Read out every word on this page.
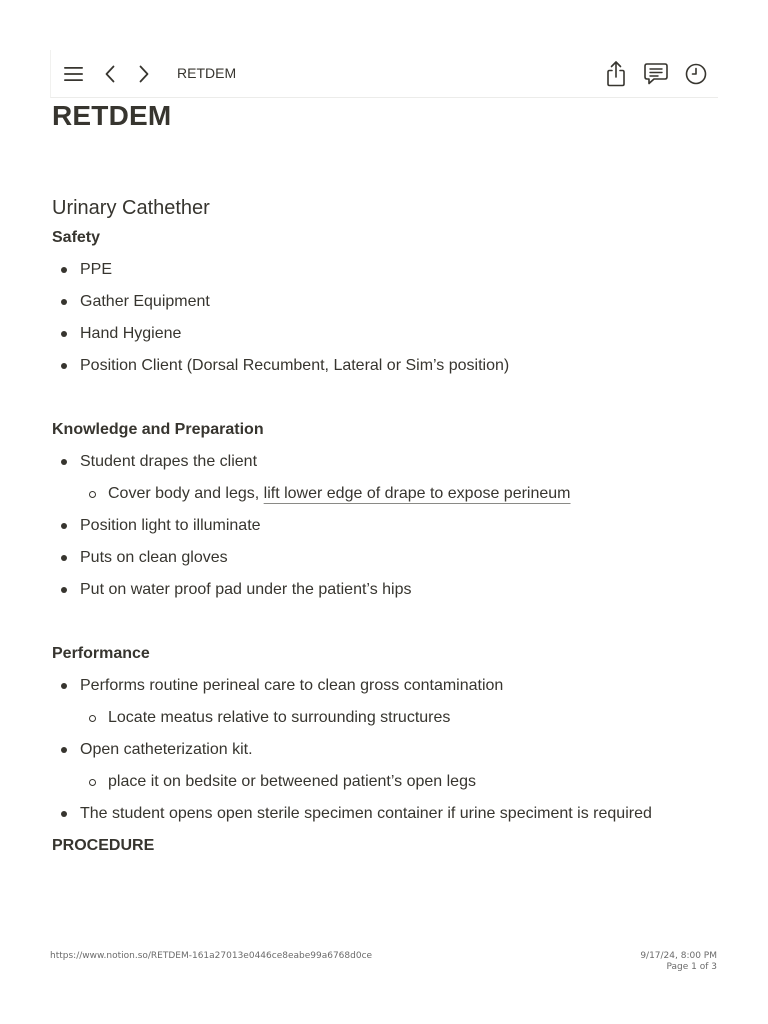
RETDEM
RETDEM
Urinary Cathether
Safety
PPE
Gather Equipment
Hand Hygiene
Position Client (Dorsal Recumbent, Lateral or Sim’s position)
Knowledge and Preparation
Student drapes the client
Cover body and legs, lift lower edge of drape to expose perineum
Position light to illuminate
Puts on clean gloves
Put on water proof pad under the patient’s hips
Performance
Performs routine perineal care to clean gross contamination
Locate meatus relative to surrounding structures
Open catheterization kit.
place it on bedsite or betweened patient’s open legs
The student opens open sterile specimen container if urine speciment is required
PROCEDURE
https://www.notion.so/RETDEM-161a27013e0446ce8eabe99a6768d0ce	9/17/24, 8:00 PM
Page 1 of 3
